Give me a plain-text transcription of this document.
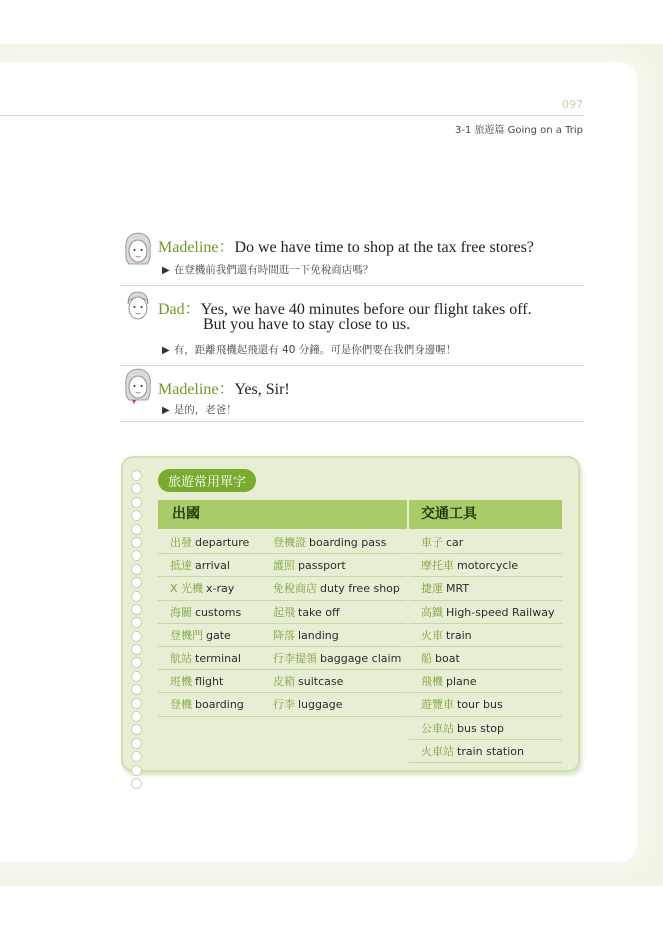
097
3-1 旅遊篇 Going on a Trip
Madeline：Do we have time to shop at the tax free stores?
▶ 在登機前我們還有時間逛一下免稅商店嗎？
Dad：Yes, we have 40 minutes before our flight takes off.
But you have to stay close to us.
▶ 有，距離飛機起飛還有 40 分鐘。可是你們要在我們身邊喔！
Madeline：Yes, Sir!
▶ 是的，老爸！
旅遊常用單字
出國	交通工具
出發 departure
抵達 arrival
X 光機 x-ray
海關 customs
登機門 gate
航站 terminal
班機 flight
登機 boarding
登機證 boarding pass
護照 passport
免稅商店 duty free shop
起飛 take off
降落 landing
行李提領 baggage claim
皮箱 suitcase
行李 luggage
車子 car
摩托車 motorcycle
捷運 MRT
高鐵 High-speed Railway
火車 train
船 boat
飛機 plane
遊覽車 tour bus
公車站 bus stop
火車站 train station
